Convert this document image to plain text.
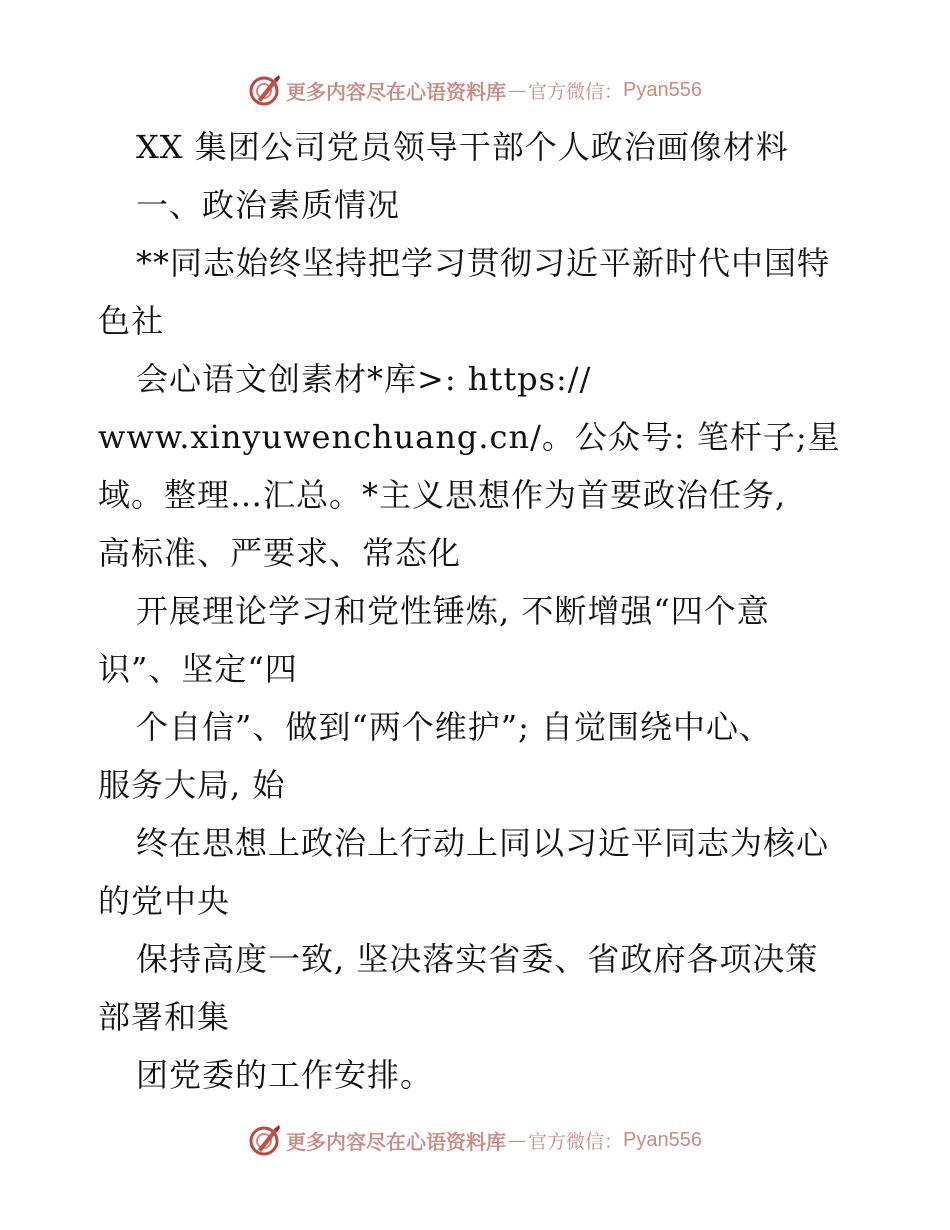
更多内容尽在心语资料库 — 官方微信： Pyan556
XX 集团公司党员领导干部个人政治画像材料
一、政治素质情况
**同志始终坚持把学习贯彻习近平新时代中国特
色社
会心语文创素材*库>: https://
www.xinyuwenchuang.cn/。公众号: 笔杆子;星
域。整理…汇总。*主义思想作为首要政治任务,
高标准、严要求、常态化
开展理论学习和党性锤炼, 不断增强“四个意
识”、坚定“四
个自信”、做到“两个维护”; 自觉围绕中心、
服务大局, 始
终在思想上政治上行动上同以习近平同志为核心
的党中央
保持高度一致, 坚决落实省委、省政府各项决策
部署和集
团党委的工作安排。
更多内容尽在心语资料库 — 官方微信： Pyan556
